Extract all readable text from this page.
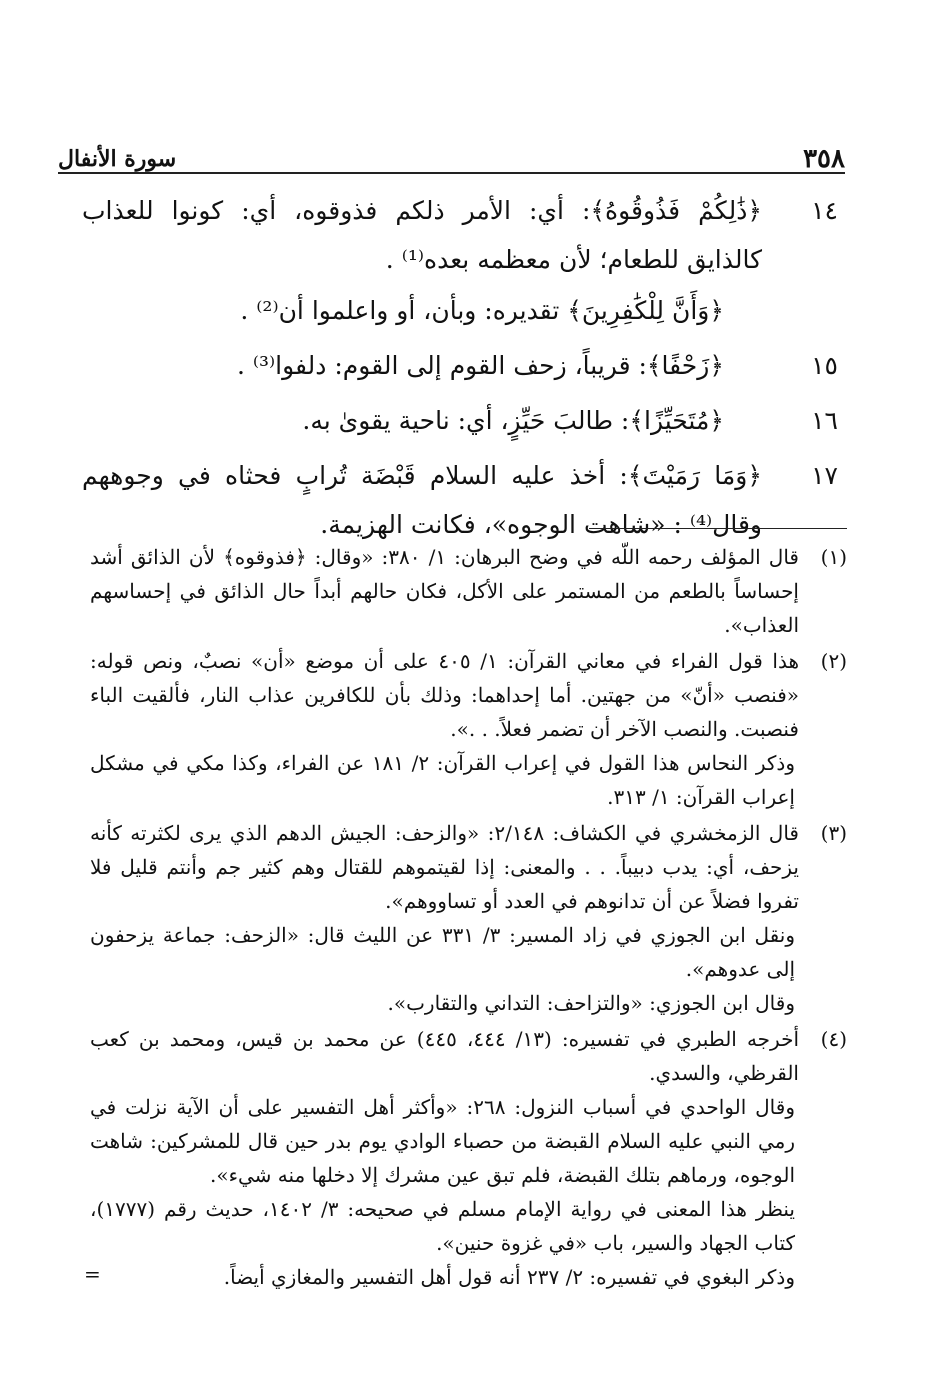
٣٥٨
سورة الأنفال
١٤
﴿ذَٰلِكُمْ فَذُوقُوهُ﴾: أي: الأمر ذلكم فذوقوه، أي: كونوا للعذاب كالذايق للطعام؛ لأن معظمه بعده⁽¹⁾ .
﴿وَأَنَّ لِلْكَٰفِرِينَ﴾ تقديره: وبأن، أو واعلموا أن⁽²⁾ .
١٥
﴿زَحْفًا﴾: قريباً، زحف القوم إلى القوم: دلفوا⁽³⁾ .
١٦
﴿مُتَحَيِّزًا﴾: طالبَ حَيِّزٍ، أي: ناحية يقوىٰ به.
١٧
﴿وَمَا رَمَيْتَ﴾: أخذ عليه السلام قَبْضَة تُرابٍ فحثاه في وجوههم وقال⁽⁴⁾ : «شاهت الوجوه»، فكانت الهزيمة.
(١)

قال المؤلف رحمه اللّه في وضح البرهان: ١/ ٣٨٠: «وقال: ﴿فذوقوه﴾ لأن الذائق أشد إحساساً بالطعم من المستمر على الأكل، فكان حالهم أبداً حال الذائق في إحساسهم العذاب».

(٢)

هذا قول الفراء في معاني القرآن: ١/ ٤٠٥ على أن موضع «أن» نصبٌ، ونص قوله: «فنصب «أنّ» من جهتين. أما إحداهما: وذلك بأن للكافرين عذاب النار، فألقيت الباء فنصبت. والنصب الآخر أن تضمر فعلاً. . .».

وذكر النحاس هذا القول في إعراب القرآن: ٢/ ١٨١ عن الفراء، وكذا مكي في مشكل إعراب القرآن: ١/ ٣١٣.

(٣)

قال الزمخشري في الكشاف: ٢/١٤٨: «والزحف: الجيش الدهم الذي يرى لكثرته كأنه يزحف، أي: يدب دبيباً. . . والمعنى: إذا لقيتموهم للقتال وهم كثير جم وأنتم قليل فلا تفروا فضلاً عن أن تدانوهم في العدد أو تساووهم».

ونقل ابن الجوزي في زاد المسير: ٣/ ٣٣١ عن الليث قال: «الزحف: جماعة يزحفون إلى عدوهم».

وقال ابن الجوزي: «والتزاحف: التداني والتقارب».

(٤)

أخرجه الطبري في تفسيره: (١٣/ ٤٤٤، ٤٤٥) عن محمد بن قيس، ومحمد بن كعب القرظي، والسدي.

وقال الواحدي في أسباب النزول: ٢٦٨: «وأكثر أهل التفسير على أن الآية نزلت في رمي النبي عليه السلام القبضة من حصباء الوادي يوم بدر حين قال للمشركين: شاهت الوجوه، ورماهم بتلك القبضة، فلم تبق عين مشرك إلا دخلها منه شيء».

ينظر هذا المعنى في رواية الإمام مسلم في صحيحه: ٣/ ١٤٠٢، حديث رقم (١٧٧٧)، كتاب الجهاد والسير، باب «في غزوة حنين».

وذكر البغوي في تفسيره: ٢/ ٢٣٧ أنه قول أهل التفسير والمغازي أيضاً.

=
